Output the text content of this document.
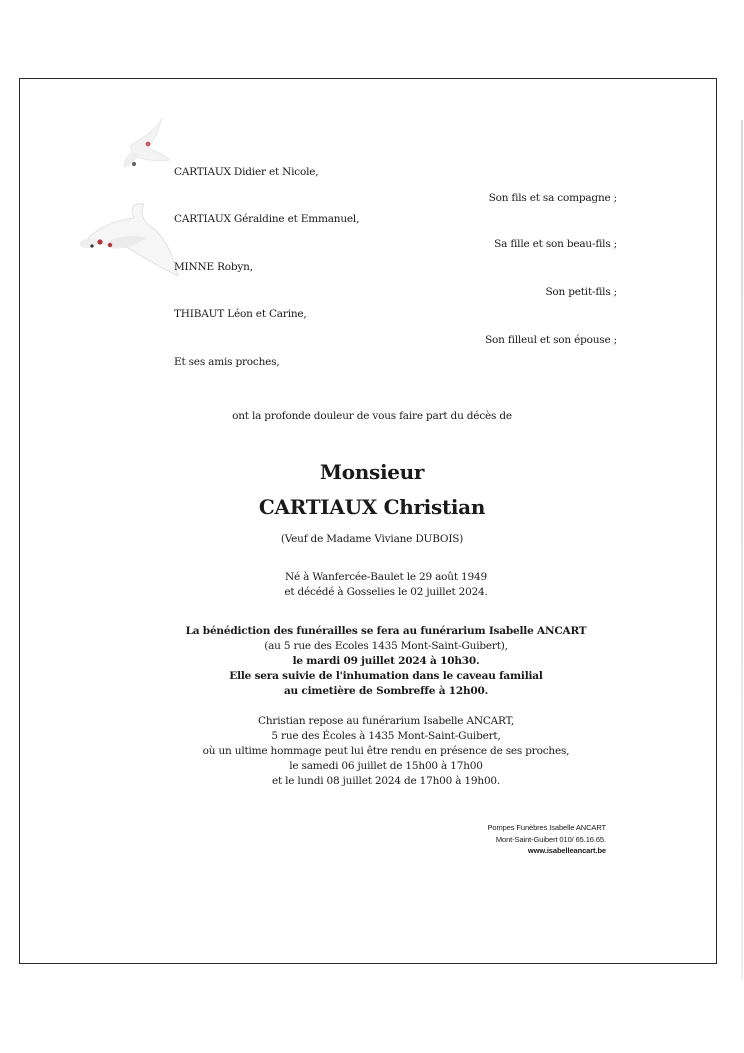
CARTIAUX Didier et Nicole,
Son fils et sa compagne ;
CARTIAUX Géraldine et Emmanuel,
Sa fille et son beau-fils ;
MINNE Robyn,
Son petit-fils ;
THIBAUT Léon et Carine,
Son filleul et son épouse ;
Et ses amis proches,
ont la profonde douleur de vous faire part du décès de
Monsieur
CARTIAUX Christian
(Veuf de Madame Viviane DUBOIS)
Né à Wanfercée-Baulet le 29 août 1949
et décédé à Gosselies le 02 juillet 2024.
La bénédiction des funérailles se fera au funérarium Isabelle ANCART
(au 5 rue des Ecoles 1435 Mont-Saint-Guibert),
le mardi 09 juillet 2024 à 10h30.
Elle sera suivie de l'inhumation dans le caveau familial
au cimetière de Sombreffe à 12h00.
Christian repose au funérarium Isabelle ANCART,
5 rue des Écoles à 1435 Mont-Saint-Guibert,
où un ultime hommage peut lui être rendu en présence de ses proches,
le samedi 06 juillet de 15h00 à 17h00
et le lundi 08 juillet 2024 de 17h00 à 19h00.
Pompes Funèbres Isabelle ANCART
Mont-Saint-Guibert 010/ 65.16.65.
www.isabelleancart.be
